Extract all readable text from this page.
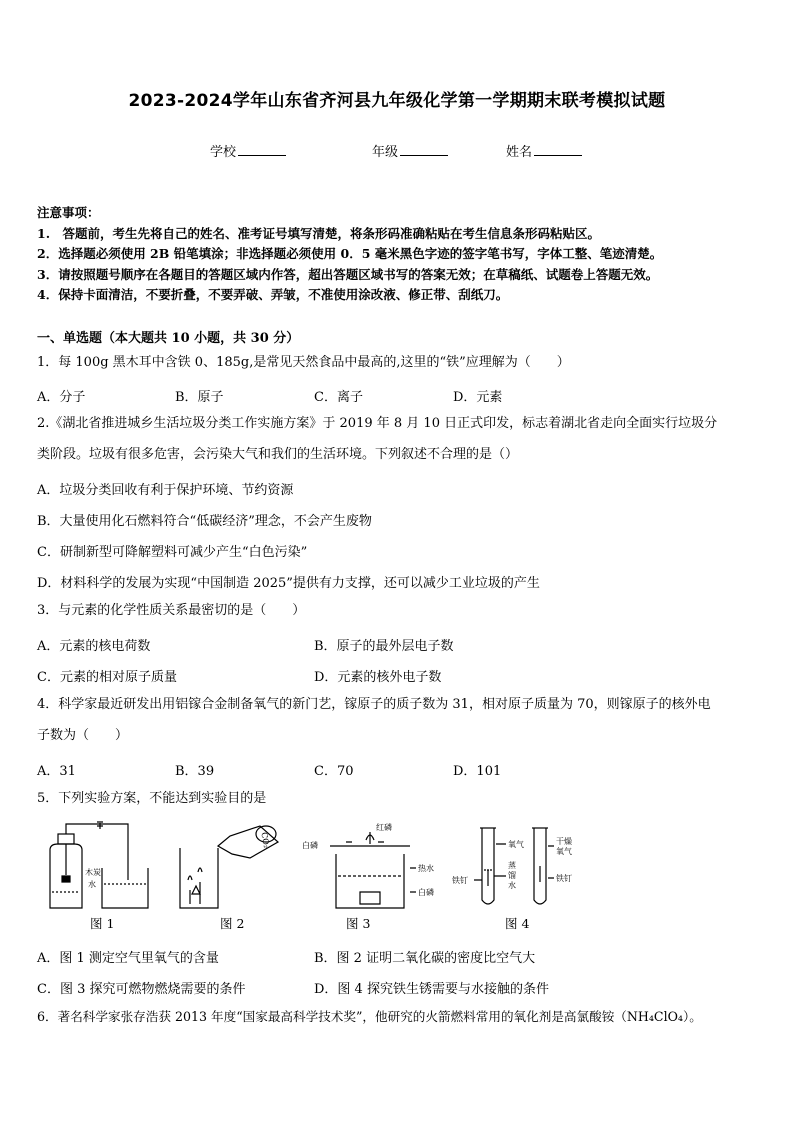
2023-2024学年山东省齐河县九年级化学第一学期期末联考模拟试题
学校	年级	姓名
注意事项：
1.　答题前，考生先将自己的姓名、准考证号填写清楚，将条形码准确粘贴在考生信息条形码粘贴区。
2．选择题必须使用 2B 铅笔填涂；非选择题必须使用 0．5 毫米黑色字迹的签字笔书写，字体工整、笔迹清楚。
3．请按照题号顺序在各题目的答题区域内作答，超出答题区域书写的答案无效；在草稿纸、试题卷上答题无效。
4．保持卡面清洁，不要折叠，不要弄破、弄皱，不准使用涂改液、修正带、刮纸刀。
一、单选题（本大题共 10 小题，共 30 分）
1．每 100g 黑木耳中含铁 0、185g,是常见天然食品中最高的,这里的“铁”应理解为（　　）
A．分子	B．原子	C．离子	D．元素
2.《湖北省推进城乡生活垃圾分类工作实施方案》于 2019 年 8 月 10 日正式印发，标志着湖北省走向全面实行垃圾分
类阶段。垃圾有很多危害，会污染大气和我们的生活环境。下列叙述不合理的是（）
A．垃圾分类回收有利于保护环境、节约资源
B．大量使用化石燃料符合“低碳经济”理念，不会产生废物
C．研制新型可降解塑料可减少产生“白色污染”
D．材料科学的发展为实现“中国制造 2025”提供有力支撑，还可以减少工业垃圾的产生
3．与元素的化学性质关系最密切的是（　　）
A．元素的核电荷数	B．原子的最外层电子数
C．元素的相对原子质量	D．元素的核外电子数
4．科学家最近研发出用铝镓合金制备氧气的新门艺，镓原子的质子数为 31，相对原子质量为 70，则镓原子的核外电
子数为（　　）
A．31	B．39	C．70	D．101
5．下列实验方案，不能达到实验目的是
木炭
水
图 1
CO₂
图 2
红磷
白磷
热水
白磷
图 3
氧气	干燥
氧气
铁钉
蒸
馏
水
铁钉
图 4
A．图 1 测定空气里氧气的含量	B．图 2 证明二氧化碳的密度比空气大
C．图 3 探究可燃物燃烧需要的条件	D．图 4 探究铁生锈需要与水接触的条件
6．著名科学家张存浩获 2013 年度“国家最高科学技术奖”，他研究的火箭燃料常用的氧化剂是高氯酸铵（NH₄ClO₄）。
